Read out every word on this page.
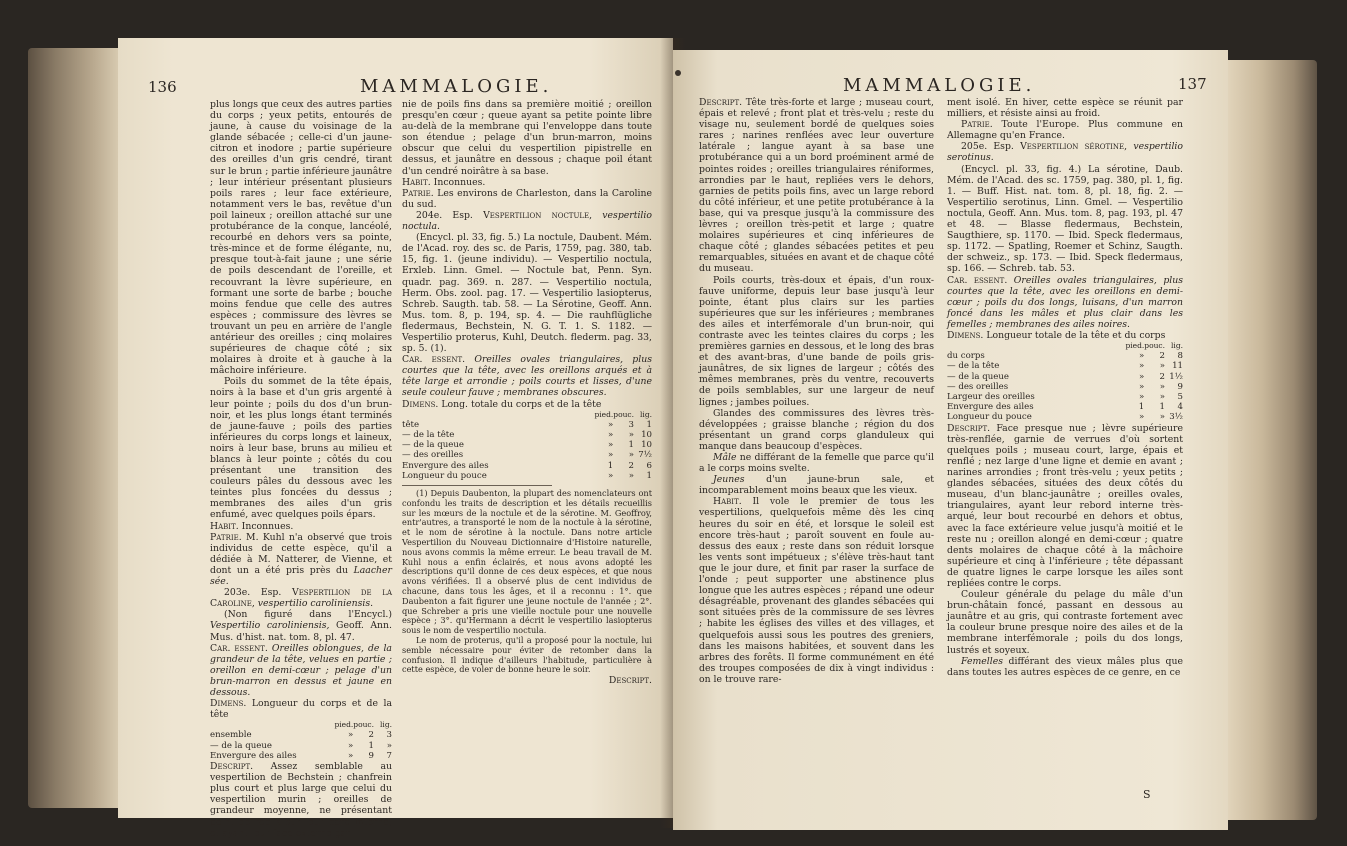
136	MAMMALOGIE.

plus longs que ceux des autres parties du corps ; yeux petits, entourés de jaune, à cause du voisinage de la glande sébacée ; celle-ci d'un jaune-citron et inodore ; partie supérieure des oreilles d'un gris cendré, tirant sur le brun ; partie inférieure jaunâtre ; leur intérieur présentant plusieurs poils rares ; leur face extérieure, notamment vers le bas, revêtue d'un poil laineux ; oreillon attaché sur une protubérance de la conque, lancéolé, recourbé en dehors vers sa pointe, très-mince et de forme élégante, nu, presque tout-à-fait jaune ; une série de poils descendant de l'oreille, et recouvrant la lèvre supérieure, en formant une sorte de barbe ; bouche moins fendue que celle des autres espèces ; commissure des lèvres se trouvant un peu en arrière de l'angle antérieur des oreilles ; cinq molaires supérieures de chaque côté ; six molaires à droite et à gauche à la mâchoire inférieure.

Poils du sommet de la tête épais, noirs à la base et d'un gris argenté à leur pointe ; poils du dos d'un brun-noir, et les plus longs étant terminés de jaune-fauve ; poils des parties inférieures du corps longs et laineux, noirs à leur base, bruns au milieu et blancs à leur pointe ; côtés du cou présentant une transition des couleurs pâles du dessous avec les teintes plus foncées du dessus ; membranes des ailes d'un gris enfumé, avec quelques poils épars.

Habit. Inconnues.

Patrie. M. Kuhl n'a observé que trois individus de cette espèce, qu'il a dédiée à M. Natterer, de Vienne, et dont un a été pris près du Laacher sée.

203e. Esp. Vespertilion de la Caroline, vespertilio caroliniensis.

(Non figuré dans l'Encycl.) Vespertilio caroliniensis, Geoff. Ann. Mus. d'hist. nat. tom. 8, pl. 47.

Car. essent. Oreilles oblongues, de la grandeur de la tête, velues en partie ; oreillon en demi-cœur ; pelage d'un brun-marron en dessus et jaune en dessous.

Dimens. Longueur du corps et de la tête

	pied.	pouc.	lig.
ensemble	»	2	3
— de la queue	»	1	»
Envergure des ailes	»	9	7

Descript. Assez semblable au vespertilion de Bechstein ; chanfrein plus court et plus large que celui du vespertilion murin ; oreilles de grandeur moyenne, ne présentant point de replis sur leur bord interne, et ayant leur face externe gar-

nie de poils fins dans sa première moitié ; oreillon presqu'en cœur ; queue ayant sa petite pointe libre au-delà de la membrane qui l'enveloppe dans toute son étendue ; pelage d'un brun-marron, moins obscur que celui du vespertilion pipistrelle en dessus, et jaunâtre en dessous ; chaque poil étant d'un cendré noirâtre à sa base.

Habit. Inconnues.

Patrie. Les environs de Charleston, dans la Caroline du sud.

204e. Esp. Vespertilion noctule, vespertilio noctula.

(Encycl. pl. 33, fig. 5.) La noctule, Daubent. Mém. de l'Acad. roy. des sc. de Paris, 1759, pag. 380, tab. 15, fig. 1. (jeune individu). — Vespertilio noctula, Erxleb. Linn. Gmel. — Noctule bat, Penn. Syn. quadr. pag. 369. n. 287. — Vespertilio noctula, Herm. Obs. zool. pag. 17. — Vespertilio lasiopterus, Schreb. Saugth. tab. 58. — La Sérotine, Geoff. Ann. Mus. tom. 8, p. 194, sp. 4. — Die rauhflügliche fledermaus, Bechstein, N. G. T. 1. S. 1182. — Vespertilio proterus, Kuhl, Deutch. flederm. pag. 33, sp. 5. (1).

Car. essent. Oreilles ovales triangulaires, plus courtes que la tête, avec les oreillons arqués et à tête large et arrondie ; poils courts et lisses, d'une seule couleur fauve ; membranes obscures.

Dimens. Long. totale du corps et de la tête

	pied.	pouc.	lig.
tête	»	3	1
— de la tête	»	»	10
— de la queue	»	1	10
— des oreilles	»	»	7½
Envergure des ailes	1	2	6
Longueur du pouce	»	»	1

(1) Depuis Daubenton, la plupart des nomenclateurs ont confondu les traits de description et les détails recueillis sur les mœurs de la noctule et de la sérotine. M. Geoffroy, entr'autres, a transporté le nom de la noctule à la sérotine, et le nom de sérotine à la noctule. Dans notre article Vespertilion du Nouveau Dictionnaire d'Histoire naturelle, nous avons commis la même erreur. Le beau travail de M. Kuhl nous a enfin éclairés, et nous avons adopté les descriptions qu'il donne de ces deux espèces, et que nous avons vérifiées. Il a observé plus de cent individus de chacune, dans tous les âges, et il a reconnu : 1°. que Daubenton a fait figurer une jeune noctule de l'année ; 2°. que Schreber a pris une vieille noctule pour une nouvelle espèce ; 3°. qu'Hermann a décrit le vespertilio lasiopterus sous le nom de vespertilio noctula.

Le nom de proterus, qu'il a proposé pour la noctule, lui semble nécessaire pour éviter de retomber dans la confusion. Il indique d'ailleurs l'habitude, particulière à cette espèce, de voler de bonne heure le soir.

Descript.

MAMMALOGIE.	137

Descript. Tête très-forte et large ; museau court, épais et relevé ; front plat et très-velu ; reste du visage nu, seulement bordé de quelques soies rares ; narines renflées avec leur ouverture latérale ; langue ayant à sa base une protubérance qui a un bord proéminent armé de pointes roides ; oreilles triangulaires réniformes, arrondies par le haut, repliées vers le dehors, garnies de petits poils fins, avec un large rebord du côté inférieur, et une petite protubérance à la base, qui va presque jusqu'à la commissure des lèvres ; oreillon très-petit et large ; quatre molaires supérieures et cinq inférieures de chaque côté ; glandes sébacées petites et peu remarquables, situées en avant et de chaque côté du museau.

Poils courts, très-doux et épais, d'un roux-fauve uniforme, depuis leur base jusqu'à leur pointe, étant plus clairs sur les parties supérieures que sur les inférieures ; membranes des ailes et interfémorale d'un brun-noir, qui contraste avec les teintes claires du corps ; les premières garnies en dessous, et le long des bras et des avant-bras, d'une bande de poils gris-jaunâtres, de six lignes de largeur ; côtés des mêmes membranes, près du ventre, recouverts de poils semblables, sur une largeur de neuf lignes ; jambes poilues.

Glandes des commissures des lèvres très-développées ; graisse blanche ; région du dos présentant un grand corps glanduleux qui manque dans beaucoup d'espèces.

Mâle ne différant de la femelle que parce qu'il a le corps moins svelte.

Jeunes d'un jaune-brun sale, et incomparablement moins beaux que les vieux.

Habit. Il vole le premier de tous les vespertilions, quelquefois même dès les cinq heures du soir en été, et lorsque le soleil est encore très-haut ; paroît souvent en foule au-dessus des eaux ; reste dans son réduit lorsque les vents sont impétueux ; s'élève très-haut tant que le jour dure, et finit par raser la surface de l'onde ; peut supporter une abstinence plus longue que les autres espèces ; répand une odeur désagréable, provenant des glandes sébacées qui sont situées près de la commissure de ses lèvres ; habite les églises des villes et des villages, et quelquefois aussi sous les poutres des greniers, dans les maisons habitées, et souvent dans les arbres des forêts. Il forme communément en été des troupes composées de dix à vingt individus : on le trouve rare-

ment isolé. En hiver, cette espèce se réunit par milliers, et résiste ainsi au froid.

Patrie. Toute l'Europe. Plus commune en Allemagne qu'en France.

205e. Esp. Vespertilion sérotine, vespertilio serotinus.

(Encycl. pl. 33, fig. 4.) La sérotine, Daub. Mém. de l'Acad. des sc. 1759, pag. 380, pl. 1, fig. 1. — Buff. Hist. nat. tom. 8, pl. 18, fig. 2. — Vespertilio serotinus, Linn. Gmel. — Vespertilio noctula, Geoff. Ann. Mus. tom. 8, pag. 193, pl. 47 et 48. — Blasse fledermaus, Bechstein, Saugthiere, sp. 1170. — Ibid. Speck fledermaus, sp. 1172. — Spatling, Roemer et Schinz, Saugth. der schweiz., sp. 173. — Ibid. Speck fledermaus, sp. 166. — Schreb. tab. 53.

Car. essent. Oreilles ovales triangulaires, plus courtes que la tête, avec les oreillons en demi-cœur ; poils du dos longs, luisans, d'un marron foncé dans les mâles et plus clair dans les femelles ; membranes des ailes noires.

Dimens. Longueur totale de la tête et du corps

	pied.	pouc.	lig.
du corps	»	2	8
— de la tête	»	»	11
— de la queue	»	2	1½
— des oreilles	»	»	9
Largeur des oreilles	»	»	5
Envergure des ailes	1	1	4
Longueur du pouce	»	»	3½

Descript. Face presque nue ; lèvre supérieure très-renflée, garnie de verrues d'où sortent quelques poils ; museau court, large, épais et renflé ; nez large d'une ligne et demie en avant ; narines arrondies ; front très-velu ; yeux petits ; glandes sébacées, situées des deux côtés du museau, d'un blanc-jaunâtre ; oreilles ovales, triangulaires, ayant leur rebord interne très-arqué, leur bout recourbé en dehors et obtus, avec la face extérieure velue jusqu'à moitié et le reste nu ; oreillon alongé en demi-cœur ; quatre dents molaires de chaque côté à la mâchoire supérieure et cinq à l'inférieure ; tête dépassant de quatre lignes le carpe lorsque les ailes sont repliées contre le corps.

Couleur générale du pelage du mâle d'un brun-châtain foncé, passant en dessous au jaunâtre et au gris, qui contraste fortement avec la couleur brune presque noire des ailes et de la membrane interfémorale ; poils du dos longs, lustrés et soyeux.

Femelles différant des vieux mâles plus que dans toutes les autres espèces de ce genre, en ce

S
